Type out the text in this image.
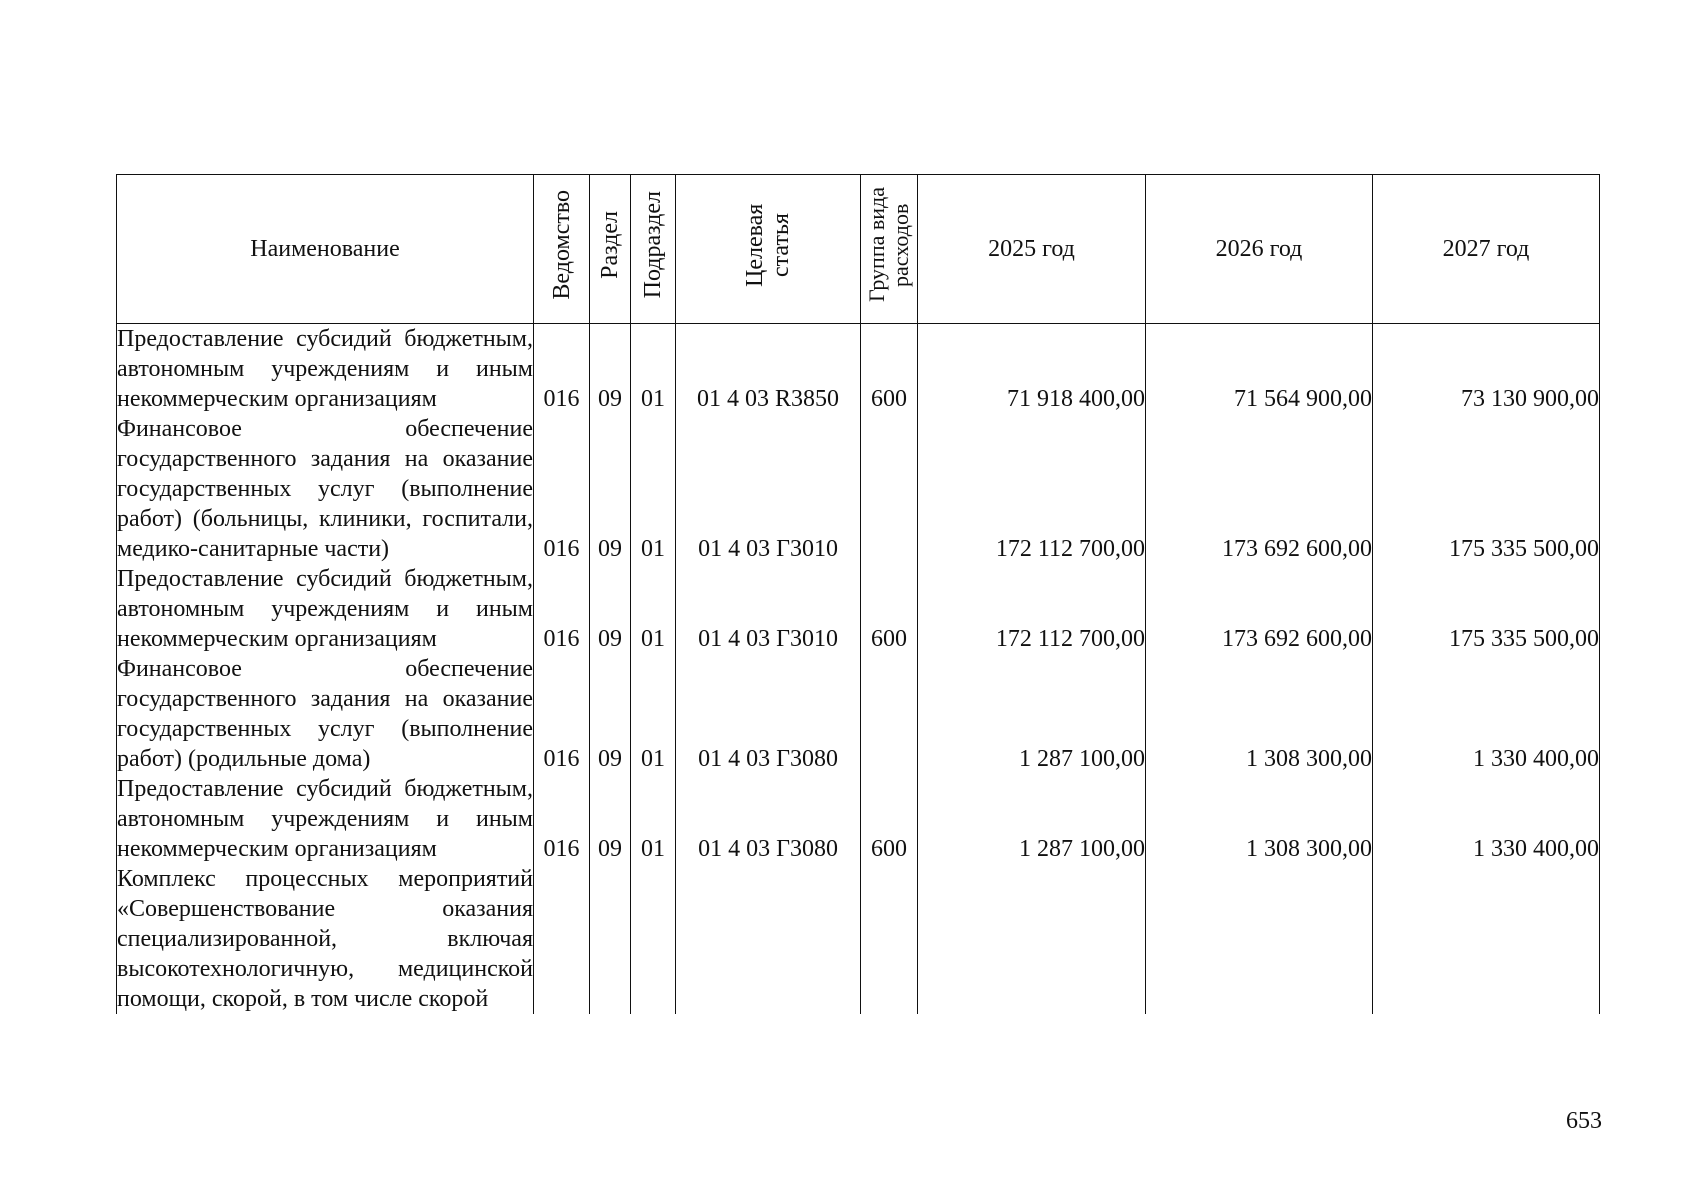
Наименование	Ведомство	Раздел	Подраздел	Целевая статья	Группа вида расходов	2025 год	2026 год	2027 год
Предоставление субсидий бюджетным, автономным учреждениям и иным некоммерческим организациям	016	09	01	01 4 03 R3850	600	71 918 400,00	71 564 900,00	73 130 900,00
Финансовое обеспечение государственного задания на оказание государственных услуг (выполнение работ) (больницы, клиники, госпитали, медико-санитарные части)	016	09	01	01 4 03 Г3010		172 112 700,00	173 692 600,00	175 335 500,00
Предоставление субсидий бюджетным, автономным учреждениям и иным некоммерческим организациям	016	09	01	01 4 03 Г3010	600	172 112 700,00	173 692 600,00	175 335 500,00
Финансовое обеспечение государственного задания на оказание государственных услуг (выполнение работ) (родильные дома)	016	09	01	01 4 03 Г3080		1 287 100,00	1 308 300,00	1 330 400,00
Предоставление субсидий бюджетным, автономным учреждениям и иным некоммерческим организациям	016	09	01	01 4 03 Г3080	600	1 287 100,00	1 308 300,00	1 330 400,00
Комплекс процессных мероприятий «Совершенствование оказания специализированной, включая высокотехнологичную, медицинской помощи, скорой, в том числе скорой								
653
